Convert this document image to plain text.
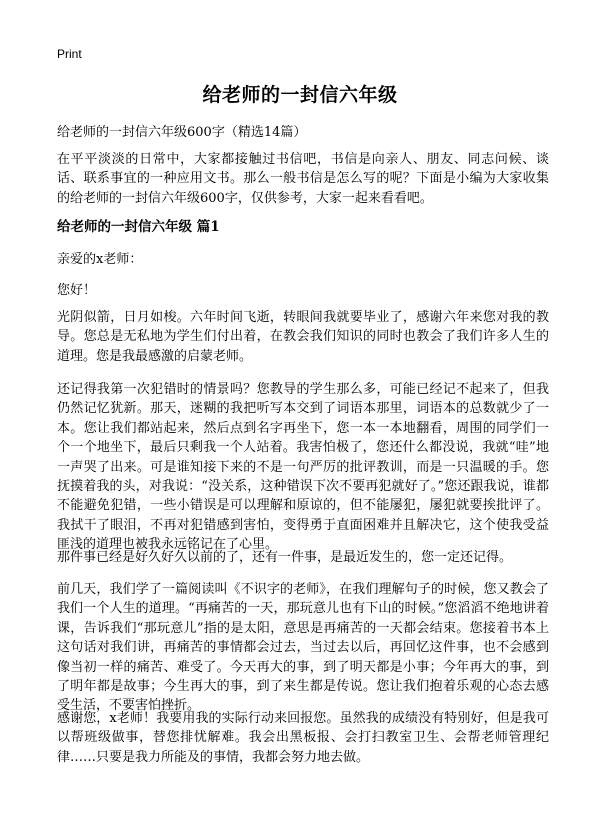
Print
给老师的一封信六年级
给老师的一封信六年级600字（精选14篇）

在平平淡淡的日常中，大家都接触过书信吧，书信是向亲人、朋友、同志问候、谈话、联系事宜的一种应用文书。那么一般书信是怎么写的呢？下面是小编为大家收集的给老师的一封信六年级600字，仅供参考，大家一起来看看吧。

给老师的一封信六年级 篇1

亲爱的x老师：

您好！

光阴似箭，日月如梭。六年时间飞逝，转眼间我就要毕业了，感谢六年来您对我的教导。您总是无私地为学生们付出着，在教会我们知识的同时也教会了我们许多人生的道理。您是我最感激的启蒙老师。

还记得我第一次犯错时的情景吗？您教导的学生那么多，可能已经记不起来了，但我仍然记忆犹新。那天，迷糊的我把听写本交到了词语本那里，词语本的总数就少了一本。您让我们都站起来，然后点到名字再坐下，您一本一本地翻看，周围的同学们一个一个地坐下，最后只剩我一个人站着。我害怕极了，您还什么都没说，我就“哇”地一声哭了出来。可是谁知接下来的不是一句严厉的批评教训，而是一只温暖的手。您抚摸着我的头，对我说：“没关系，这种错误下次不要再犯就好了。”您还跟我说，谁都不能避免犯错，一些小错误是可以理解和原谅的，但不能屡犯，屡犯就要挨批评了。我拭干了眼泪，不再对犯错感到害怕，变得勇于直面困难并且解决它，这个使我受益匪浅的道理也被我永远铭记在了心里。

那件事已经是好久好久以前的了，还有一件事，是最近发生的，您一定还记得。

前几天，我们学了一篇阅读叫《不识字的老师》，在我们理解句子的时候，您又教会了我们一个人生的道理。“再痛苦的一天，那玩意儿也有下山的时候。”您滔滔不绝地讲着课，告诉我们“那玩意儿”指的是太阳，意思是再痛苦的一天都会结束。您接着书本上这句话对我们讲，再痛苦的事情都会过去，当过去以后，再回忆这件事，也不会感到像当初一样的痛苦、难受了。今天再大的事，到了明天都是小事；今年再大的事，到了明年都是故事；今生再大的事，到了来生都是传说。您让我们抱着乐观的心态去感受生活，不要害怕挫折。

感谢您，x老师！我要用我的实际行动来回报您。虽然我的成绩没有特别好，但是我可以帮班级做事，替您排忧解难。我会出黑板报、会打扫教室卫生、会帮老师管理纪律……只要是我力所能及的事情，我都会努力地去做。
